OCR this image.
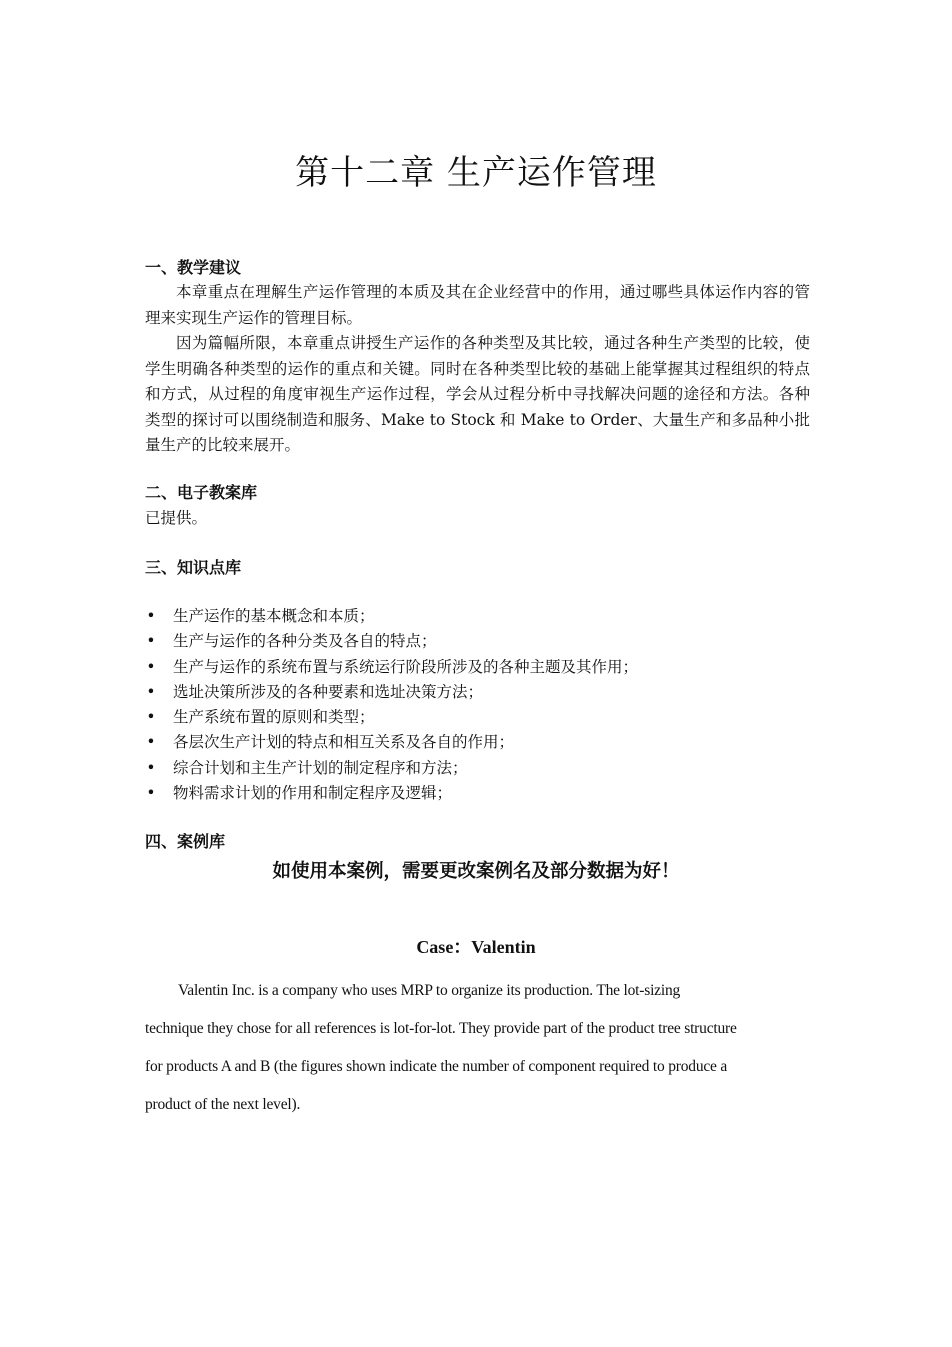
第十二章 生产运作管理
一、教学建议

本章重点在理解生产运作管理的本质及其在企业经营中的作用，通过哪些具体运作内容的管理来实现生产运作的管理目标。

因为篇幅所限，本章重点讲授生产运作的各种类型及其比较，通过各种生产类型的比较，使学生明确各种类型的运作的重点和关键。同时在各种类型比较的基础上能掌握其过程组织的特点和方式，从过程的角度审视生产运作过程，学会从过程分析中寻找解决问题的途径和方法。各种类型的探讨可以围绕制造和服务、Make to Stock 和 Make to Order、大量生产和多品种小批量生产的比较来展开。

二、电子教案库
已提供。
三、知识点库
• 生产运作的基本概念和本质；
• 生产与运作的各种分类及各自的特点；
• 生产与运作的系统布置与系统运行阶段所涉及的各种主题及其作用；
• 选址决策所涉及的各种要素和选址决策方法；
• 生产系统布置的原则和类型；
• 各层次生产计划的特点和相互关系及各自的作用；
• 综合计划和主生产计划的制定程序和方法；
• 物料需求计划的作用和制定程序及逻辑；
四、案例库
如使用本案例，需要更改案例名及部分数据为好！
Case：Valentin
Valentin Inc. is a company who uses MRP to organize its production. The lot-sizing
technique they chose for all references is lot-for-lot. They provide part of the product tree structure
for products A and B (the figures shown indicate the number of component required to produce a
product of the next level).
